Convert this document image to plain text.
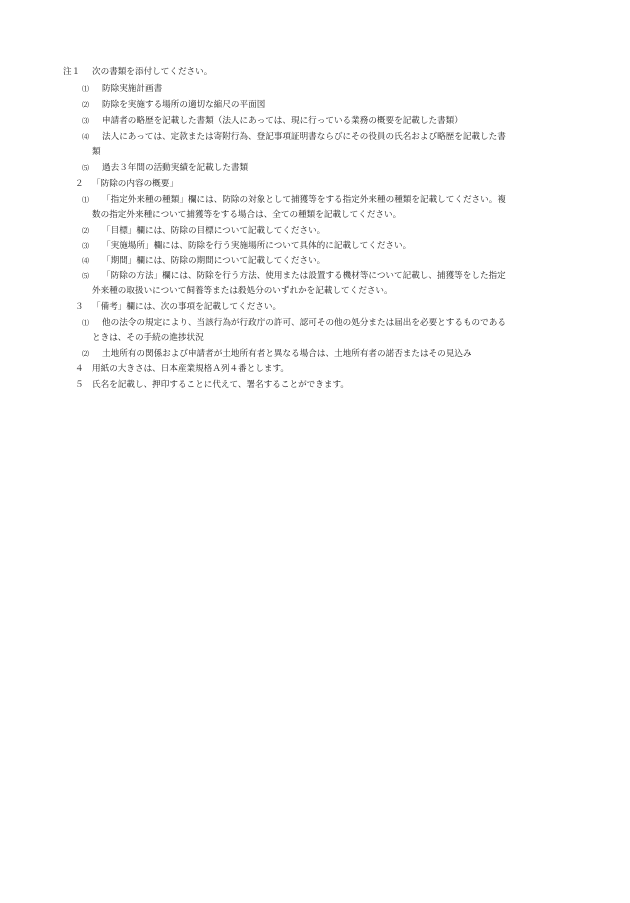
注１ 次の書類を添付してください。
⑴ 防除実施計画書
⑵ 防除を実施する場所の適切な縮尺の平面図
⑶ 申請者の略歴を記載した書類（法人にあっては、現に行っている業務の概要を記載した書類）
⑷ 法人にあっては、定款または寄附行為、登記事項証明書ならびにその役員の氏名および略歴を記載した書
類
⑸ 過去３年間の活動実績を記載した書類
２ 「防除の内容の概要」
⑴ 「指定外来種の種類」欄には、防除の対象として捕獲等をする指定外来種の種類を記載してください。複
数の指定外来種について捕獲等をする場合は、全ての種類を記載してください。
⑵ 「目標」欄には、防除の目標について記載してください。
⑶ 「実施場所」欄には、防除を行う実施場所について具体的に記載してください。
⑷ 「期間」欄には、防除の期間について記載してください。
⑸ 「防除の方法」欄には、防除を行う方法、使用または設置する機材等について記載し、捕獲等をした指定
外来種の取扱いについて飼養等または殺処分のいずれかを記載してください。
３ 「備考」欄には、次の事項を記載してください。
⑴ 他の法令の規定により、当該行為が行政庁の許可、認可その他の処分または届出を必要とするものである
ときは、その手続の進捗状況
⑵ 土地所有の関係および申請者が土地所有者と異なる場合は、土地所有者の諾否またはその見込み
４ 用紙の大きさは、日本産業規格Ａ列４番とします。
５ 氏名を記載し、押印することに代えて、署名することができます。
